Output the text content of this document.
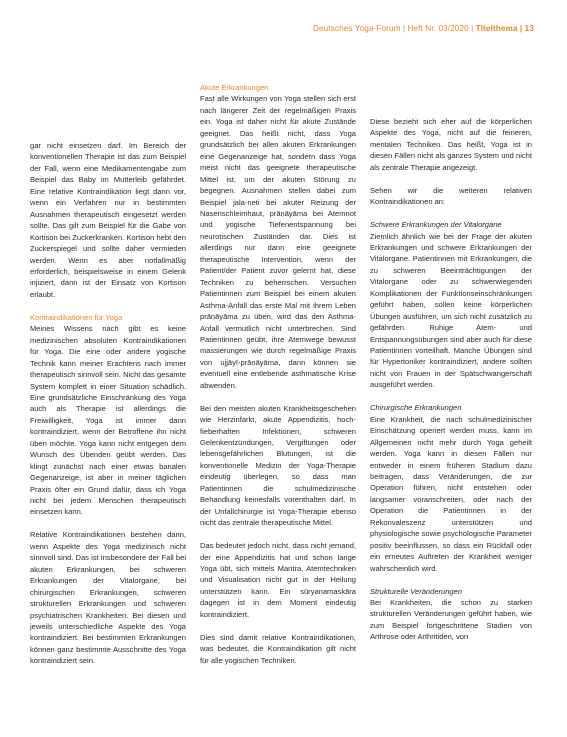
Deutsches Yoga-Forum | Heft Nr. 03/2020 | Titelthema | 13

gar nicht einsetzen darf. Im Bereich der konventionellen Therapie ist das zum Beispiel der Fall, wenn eine Medikamentengabe zum Beispiel das Baby im Mutterleib gefährdet. Eine relative Kontraindikation liegt dann vor, wenn ein Verfahren nur in bestimmten Ausnahmen therapeutisch eingesetzt werden sollte. Das gilt zum Beispiel für die Gabe von Kortison bei Zuckerkranken. Kortison hebt den Zuckerspiegel und sollte daher vermieden werden. Wenn es aber notfallmäßig erforderlich, beispielsweise in einem Gelenk injiziert, dann ist der Einsatz von Kortison erlaubt.

Kontraindikationen für Yoga

Meines Wissens nach gibt es keine medizinischen absoluten Kontraindikationen für Yoga. Die eine oder andere yogische Technik kann meiner Erachtens nach immer therapeutisch sinnvoll sein. Nicht das gesamte System komplett in einer Situation schädlich. Eine grundsätzliche Einschränkung des Yoga auch als Therapie ist allerdings die Freiwilligkeit, Yoga ist immer dann kontraindiziert, wenn der Betroffene ihn nicht üben möchte. Yoga kann nicht entgegen dem Wunsch des Übenden geübt werden. Das klingt zunächst nach einer etwas banalen Gegenanzeige, ist aber in meiner täglichen Praxis öfter ein Grund dafür, dass ich Yoga nicht bei jedem Menschen therapeutisch einsetzen kann.

Relative Kontraindikationen bestehen dann, wenn Aspekte des Yoga medizinisch nicht sinnvoll sind. Das ist insbesondere der Fall bei akuten Erkrankungen, bei schweren Erkrankungen der Vitalorgane, bei chirurgischen Erkrankungen, schweren strukturellen Erkrankungen und schweren psychiatrischen Krankheiten. Bei diesen und jeweils unterschiedliche Aspekte des Yoga kontraindiziert. Bei bestimmten Erkrankungen können ganz bestimmte Ausschnitte des Yoga kontraindiziert sein.

Akute Erkrankungen

Fast alle Wirkungen von Yoga stellen sich erst nach längerer Zeit der regelmäßigen Praxis ein. Yoga ist daher nicht für akute Zustände geeignet. Das heißt nicht, dass Yoga grundsätzlich bei allen akuten Erkrankungen eine Gegenanzeige hat, sondern dass Yoga meist nicht das geeignete therapeutische Mittel ist, um der akuten Störung zu begegnen. Ausnahmen stellen dabei zum Beispiel jala-neti bei akuter Reizung der Nasenschleimhaut, prāṇāyāma bei Atemnot und yogische Tiefenentspannung bei neurotischen Zuständen dar. Dies ist allerdings nur dann eine geeignete therapeutische Intervention, wenn der Patient/der Patient zuvor gelernt hat, diese Techniken zu beherrschen. Versuchen Patientinnen zum Beispiel bei einem akuten Asthma-Anfall das erste Mal mit ihrem Leben prāṇāyāma zu üben, wird das den Asthma-Anfall vermutlich nicht unterbrechen. Sind Patientinnen geübt, ihre Atemwege bewusst massierungen wie durch regelmäßige Praxis von ujjāyī-prāṇāyāma, dann können sie eventuell eine entlebende asthmatische Krise abwenden.

Bei den meisten akuten Krankheitsgeschehen wie Herzinfarkt, akute Appendizitis, hoch-fieberhaften Infektionen, schweren Gelenkentzündungen, Vergiftungen oder lebensgefährlichen Blutungen, ist die konventionelle Medizin der Yoga-Therapie eindeutig überlegen, so dass man Patientinnen die schulmedizinische Behandlung keinesfalls vorenthalten darf. In der Unfallchirurgie ist Yoga-Therapie ebenso nicht das zentrale therapeutische Mittel.

Das bedeutet jedoch nicht, dass nicht jemand, der eine Appendizitis hat und schon lange Yoga übt, sich mittels Mantra, Atemtechniken und Visualisation nicht gut in der Heilung unterstützen kann. Ein sūryanamaskāra dagegen ist in dem Moment eindeutig kontraindiziert.

Dies sind damit relative Kontraindikationen, was bedeutet, die Kontraindikation gilt nicht für alle yogischen Techniken.

Diese bezieht sich eher auf die körperlichen Aspekte des Yoga, nicht auf die feineren, mentalen Techniken. Das heißt, Yoga ist in diesen Fällen nicht als ganzes System und nicht als zentrale Therapie angezeigt.

Sehen wir die weiteren relativen Kontraindikationen an:

Schwere Erkrankungen der Vitalorgane

Ziemlich ähnlich wie bei der Frage der akuten Erkrankungen und schwere Erkrankungen der Vitalorgane. Patientinnen mit Erkrankungen, die zu schweren Beeinträchtigungen der Vitalorgane oder zu schwerwiegenden Komplikationen der Funktionseinschränkungen geführt haben, sollen keine körperlichen Übungen ausführen, um sich nicht zusätzlich zu gefährden. Ruhige Atem- und Entspannungsübungen sind aber auch für diese Patientinnen vorteilhaft. Manche Übungen sind für Hypertoniker kontraindiziert, andere sollten nicht von Frauen in der Spätschwangerschaft ausgeführt werden.

Chirurgische Erkrankungen

Eine Krankheit, die nach schulmedizinischer Einschätzung operiert werden muss, kann im Allgemeinen nicht mehr durch Yoga geheilt werden. Yoga kann in diesen Fällen nur entweder in einem früheren Stadium dazu beitragen, dass Veränderungen, die zur Operation führen, nicht entstehen oder langsamer voranschreiten, oder nach der Operation die Patientinnen in der Rekonvaleszenz unterstützen und physiologische sowie psychologische Parameter positiv beeinflussen, so dass ein Rückfall oder ein erneutes Auftreten der Krankheit weniger wahrscheinlich wird.

Strukturelle Veränderungen

Bei Krankheiten, die schon zu starken strukturellen Veränderungen geführt haben, wie zum Beispiel fortgeschrittene Stadien von Arthrose oder Arthritiden, von
